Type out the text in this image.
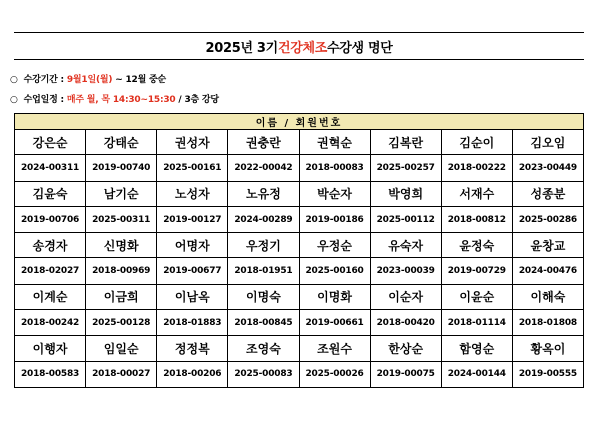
2025년 3기 건강체조 수강생 명단
○ 수강기간 : 9월1일(월) ~ 12월 중순
○ 수업일정 : 매주 월, 목 14:30~15:30 / 3층 강당
이름 / 회원번호							
강은순	강태순	권성자	권충란	권혁순	김복란	김순이	김오임
2024-00311	2019-00740	2025-00161	2022-00042	2018-00083	2025-00257	2018-00222	2023-00449
김윤숙	남기순	노성자	노유정	박순자	박영희	서재수	성종분
2019-00706	2025-00311	2019-00127	2024-00289	2019-00186	2025-00112	2018-00812	2025-00286
송경자	신명화	어명자	우정기	우정순	유숙자	윤정숙	윤창교
2018-02027	2018-00969	2019-00677	2018-01951	2025-00160	2023-00039	2019-00729	2024-00476
이계순	이금희	이남옥	이명숙	이명화	이순자	이윤순	이해숙
2018-00242	2025-00128	2018-01883	2018-00845	2019-00661	2018-00420	2018-01114	2018-01808
이행자	임일순	정정복	조영숙	조원수	한상순	함영순	황옥이
2018-00583	2018-00027	2018-00206	2025-00083	2025-00026	2019-00075	2024-00144	2019-00555
